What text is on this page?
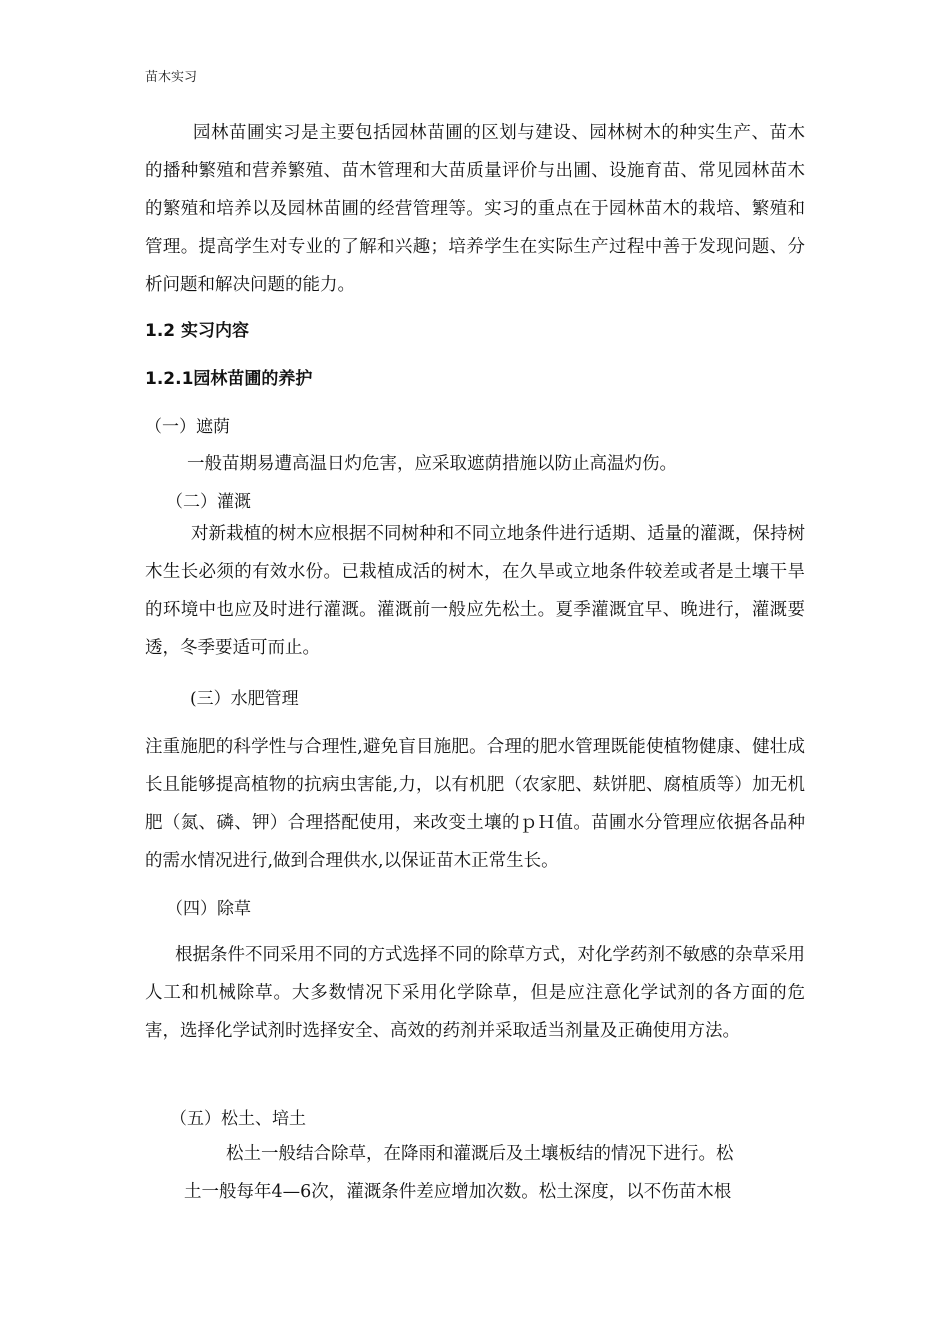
苗木实习

园林苗圃实习是主要包括园林苗圃的区划与建设、园林树木的种实生产、苗木的播种繁殖和营养繁殖、苗木管理和大苗质量评价与出圃、设施育苗、常见园林苗木的繁殖和培养以及园林苗圃的经营管理等。实习的重点在于园林苗木的栽培、繁殖和管理。提高学生对专业的了解和兴趣；培养学生在实际生产过程中善于发现问题、分析问题和解决问题的能力。

1.2 实习内容

1.2.1园林苗圃的养护

（一）遮荫

一般苗期易遭高温日灼危害，应采取遮荫措施以防止高温灼伤。

（二）灌溉

对新栽植的树木应根据不同树种和不同立地条件进行适期、适量的灌溉，保持树木生长必须的有效水份。已栽植成活的树木，在久旱或立地条件较差或者是土壤干旱的环境中也应及时进行灌溉。灌溉前一般应先松土。夏季灌溉宜早、晚进行，灌溉要透，冬季要适可而止。

(三）水肥管理

注重施肥的科学性与合理性,避免盲目施肥。合理的肥水管理既能使植物健康、健壮成长且能够提高植物的抗病虫害能,力，以有机肥（农家肥、麸饼肥、腐植质等）加无机肥（氮、磷、钾）合理搭配使用，来改变土壤的ｐＨ值。苗圃水分管理应依据各品种的需水情况进行,做到合理供水,以保证苗木正常生长。

（四）除草

根据条件不同采用不同的方式选择不同的除草方式，对化学药剂不敏感的杂草采用人工和机械除草。大多数情况下采用化学除草，但是应注意化学试剂的各方面的危害，选择化学试剂时选择安全、高效的药剂并采取适当剂量及正确使用方法。

（五）松土、培土

松土一般结合除草，在降雨和灌溉后及土壤板结的情况下进行。松

土一般每年4—6次，灌溉条件差应增加次数。松土深度，以不伤苗木根
